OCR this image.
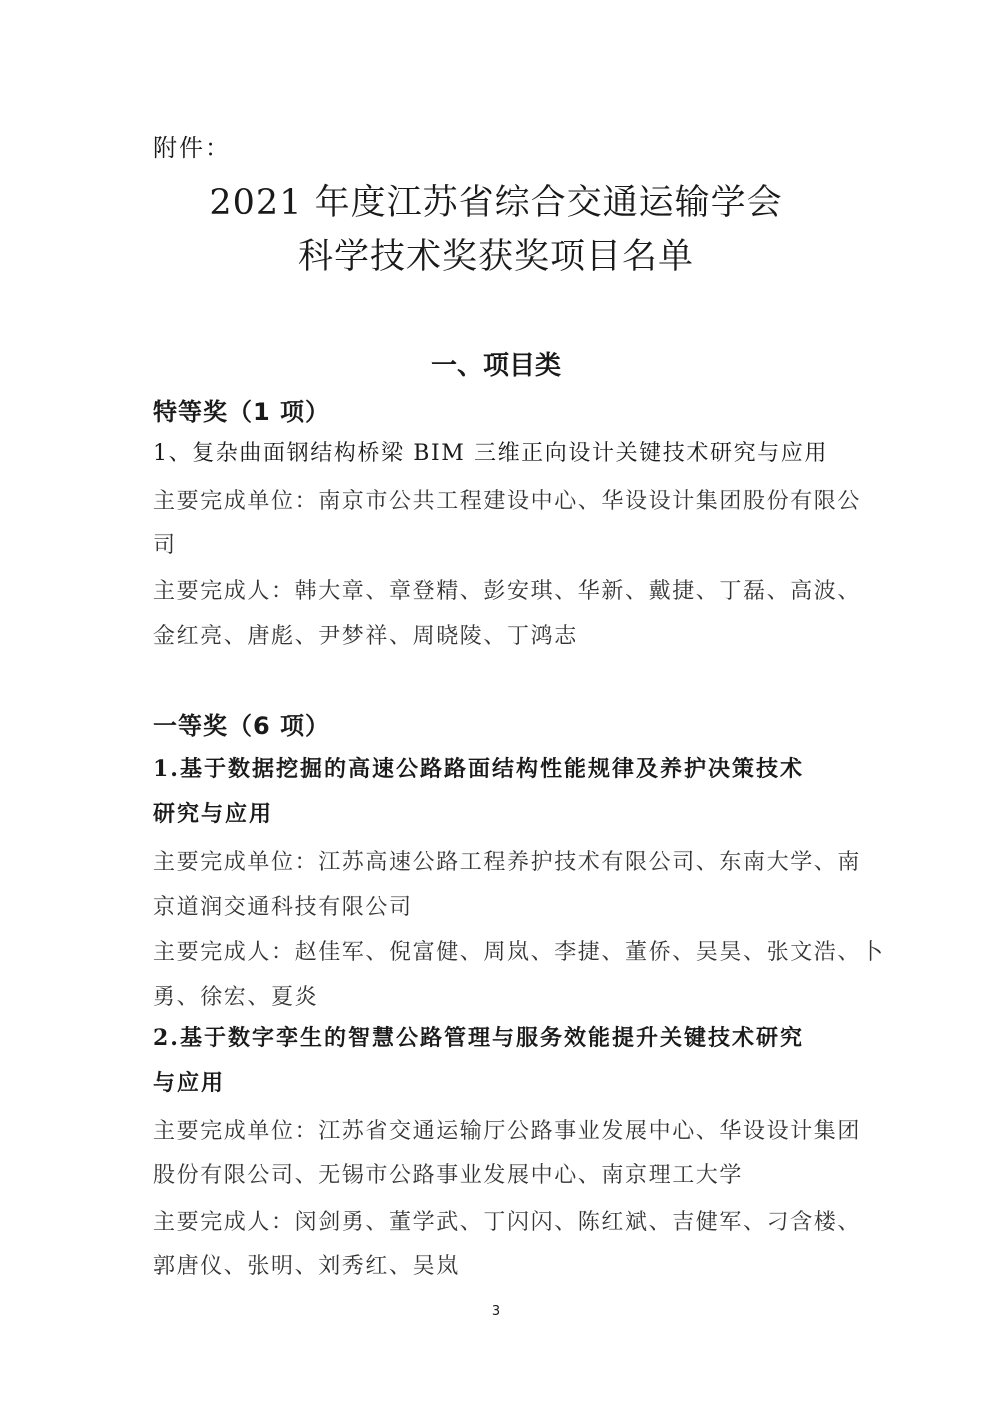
附件：
2021 年度江苏省综合交通运输学会
科学技术奖获奖项目名单
一、项目类
特等奖（1 项）
1、复杂曲面钢结构桥梁 BIM 三维正向设计关键技术研究与应用
主要完成单位：南京市公共工程建设中心、华设设计集团股份有限公
司
主要完成人：韩大章、章登精、彭安琪、华新、戴捷、丁磊、高波、
金红亮、唐彪、尹梦祥、周晓陵、丁鸿志
一等奖（6 项）
1.基于数据挖掘的高速公路路面结构性能规律及养护决策技术
研究与应用
主要完成单位：江苏高速公路工程养护技术有限公司、东南大学、南
京道润交通科技有限公司
主要完成人：赵佳军、倪富健、周岚、李捷、董侨、吴昊、张文浩、卜
勇、徐宏、夏炎
2.基于数字孪生的智慧公路管理与服务效能提升关键技术研究
与应用
主要完成单位：江苏省交通运输厅公路事业发展中心、华设设计集团
股份有限公司、无锡市公路事业发展中心、南京理工大学
主要完成人：闵剑勇、董学武、丁闪闪、陈红斌、吉健军、刁含楼、
郭唐仪、张明、刘秀红、吴岚
3
